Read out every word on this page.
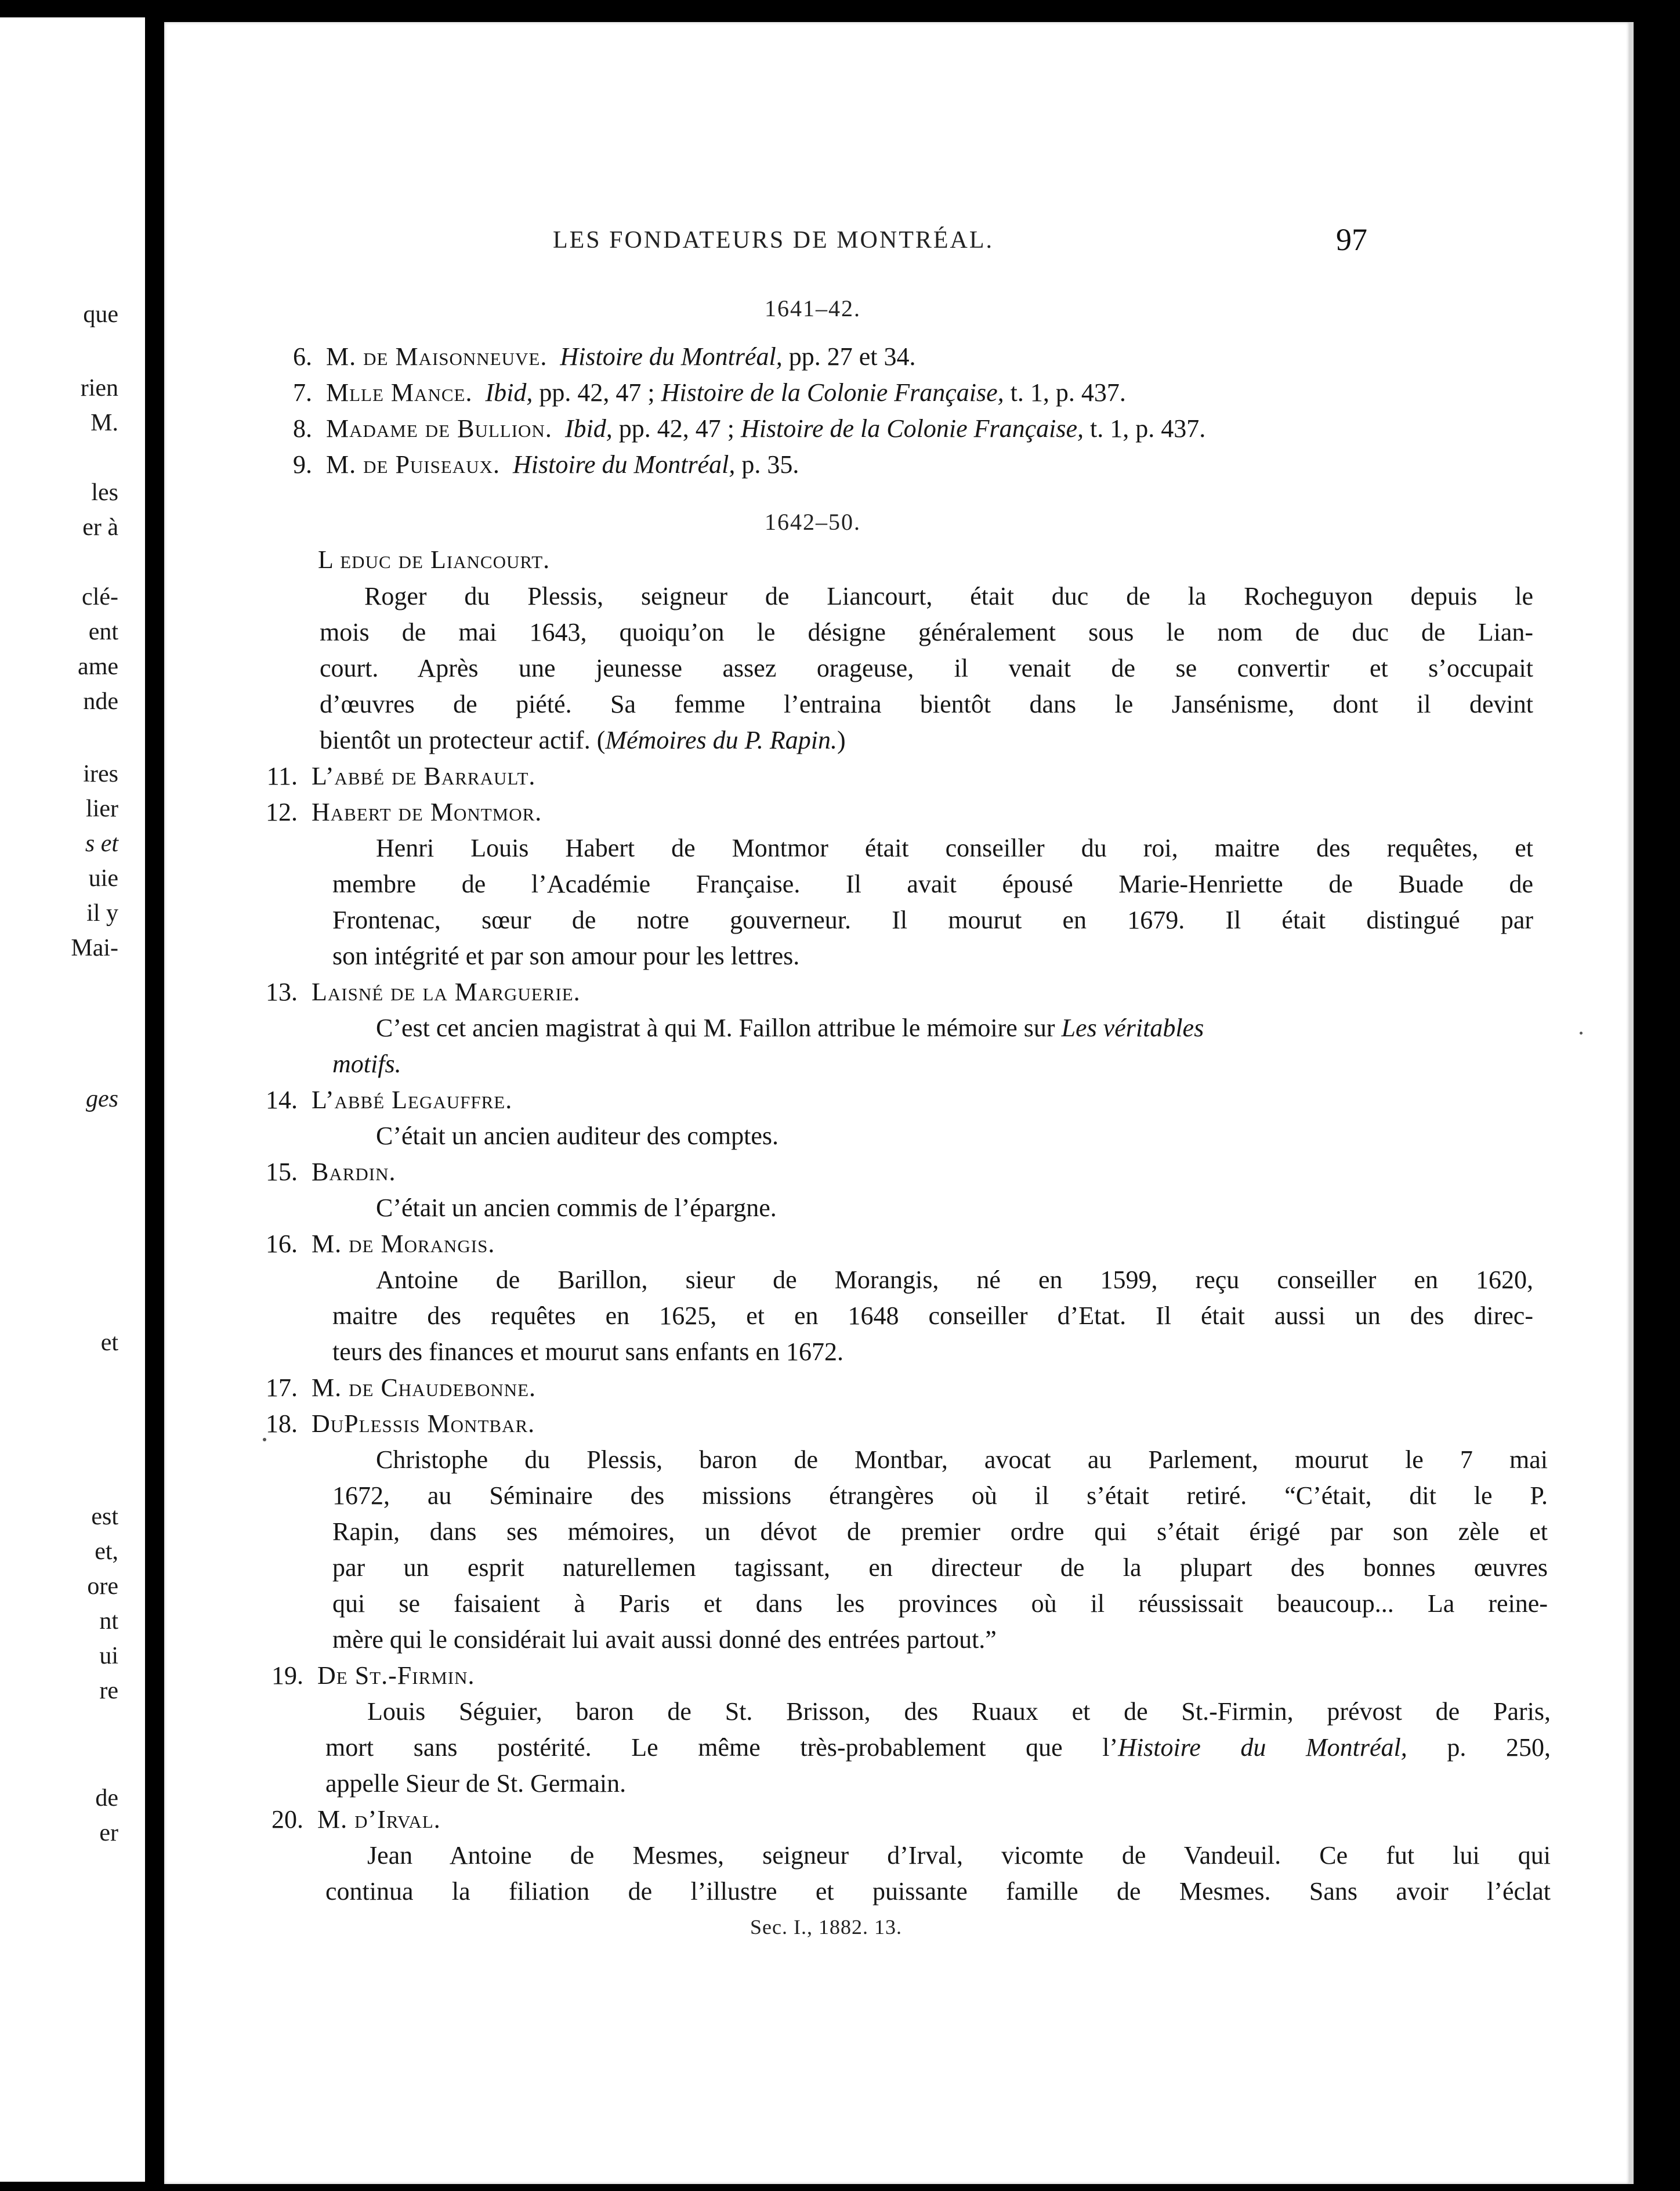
que
rien
M.
les
er à
clé-
ent
ame
nde
ires
lier
s et
uie
il y
Mai-
ges
et
est
et,
ore
nt
ui
re
de
er
LES FONDATEURS DE MONTRÉAL.	97
1641–42.
6. M. de Maisonneuve. Histoire du Montréal, pp. 27 et 34.
7. Mlle Mance. Ibid, pp. 42, 47 ; Histoire de la Colonie Française, t. 1, p. 437.
8. Madame de Bullion. Ibid, pp. 42, 47 ; Histoire de la Colonie Française, t. 1, p. 437.
9. M. de Puiseaux. Histoire du Montréal, p. 35.
1642–50.
L educ de Liancourt.
Roger du Plessis, seigneur de Liancourt, était duc de la Rocheguyon depuis le
mois de mai 1643, quoiqu’on le désigne généralement sous le nom de duc de Lian-
court. Après une jeunesse assez orageuse, il venait de se convertir et s’occupait
d’œuvres de piété. Sa femme l’entraina bientôt dans le Jansénisme, dont il devint
bientôt un protecteur actif. (Mémoires du P. Rapin.)
11. L’abbé de Barrault.
12. Habert de Montmor.
Henri Louis Habert de Montmor était conseiller du roi, maitre des requêtes, et
membre de l’Académie Française. Il avait épousé Marie-Henriette de Buade de
Frontenac, sœur de notre gouverneur. Il mourut en 1679. Il était distingué par
son intégrité et par son amour pour les lettres.
13. Laisné de la Marguerie.
C’est cet ancien magistrat à qui M. Faillon attribue le mémoire sur Les véritables
motifs.
14. L’abbé Legauffre.
C’était un ancien auditeur des comptes.
15. Bardin.
C’était un ancien commis de l’épargne.
16. M. de Morangis.
Antoine de Barillon, sieur de Morangis, né en 1599, reçu conseiller en 1620,
maitre des requêtes en 1625, et en 1648 conseiller d’Etat. Il était aussi un des direc-
teurs des finances et mourut sans enfants en 1672.
17. M. de Chaudebonne.
18. DuPlessis Montbar.
Christophe du Plessis, baron de Montbar, avocat au Parlement, mourut le 7 mai
1672, au Séminaire des missions étrangères où il s’était retiré. “C’était, dit le P.
Rapin, dans ses mémoires, un dévot de premier ordre qui s’était érigé par son zèle et
par un esprit naturellemen tagissant, en directeur de la plupart des bonnes œuvres
qui se faisaient à Paris et dans les provinces où il réussissait beaucoup... La reine-
mère qui le considérait lui avait aussi donné des entrées partout.”
19. De St.-Firmin.
Louis Séguier, baron de St. Brisson, des Ruaux et de St.-Firmin, prévost de Paris,
mort sans postérité. Le même très-probablement que l’Histoire du Montréal, p. 250,
appelle Sieur de St. Germain.
20. M. d’Irval.
Jean Antoine de Mesmes, seigneur d’Irval, vicomte de Vandeuil. Ce fut lui qui
continua la filiation de l’illustre et puissante famille de Mesmes. Sans avoir l’éclat
Sec. I., 1882. 13.
